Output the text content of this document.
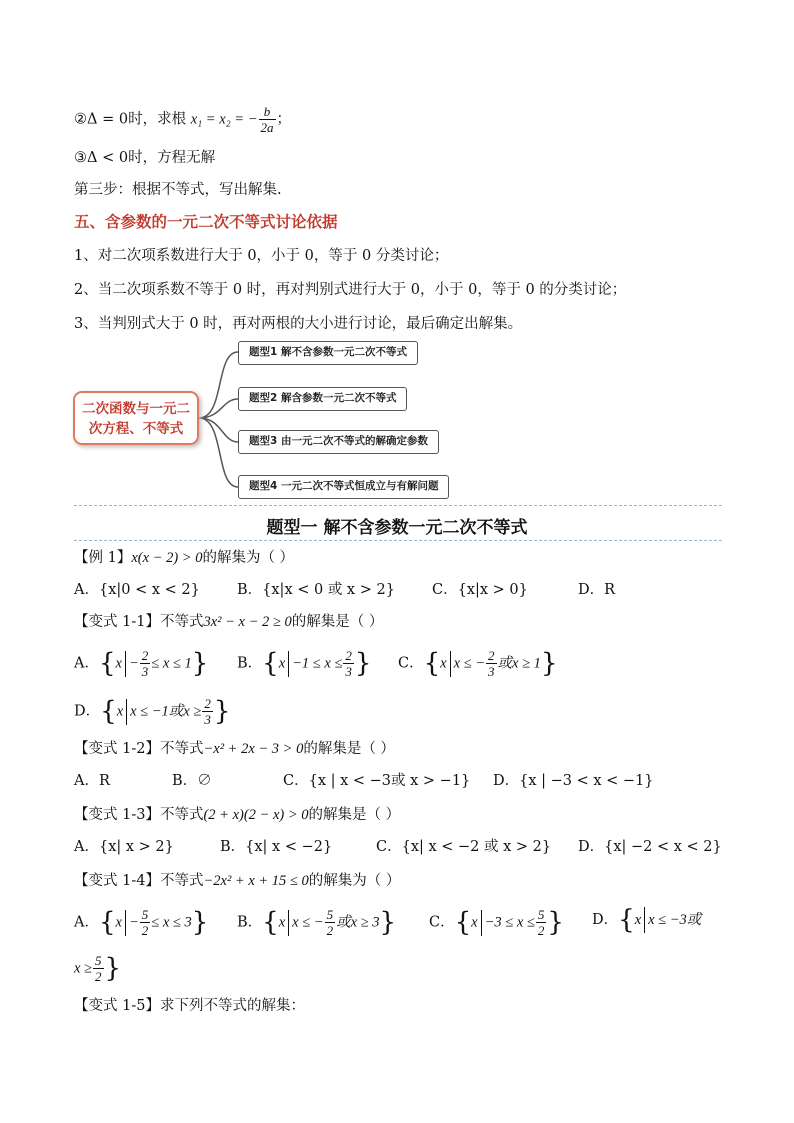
②Δ = 0时，求根 x₁ = x₂ = − $\frac{b}{2a}$ ；
③Δ < 0时，方程无解
第三步：根据不等式，写出解集.
五、含参数的一元二次不等式讨论依据
1、对二次项系数进行大于 0，小于 0，等于 0 分类讨论；
2、当二次项系数不等于 0 时，再对判别式进行大于 0，小于 0，等于 0 的分类讨论；
3、当判别式大于 0 时，再对两根的大小进行讨论，最后确定出解集。
二次函数与一元二
次方程、不等式
题型1 解不含参数一元二次不等式
题型2 解含参数一元二次不等式
题型3 由一元二次不等式的解确定参数
题型4 一元二次不等式恒成立与有解问题
题型一 解不含参数一元二次不等式
【例 1】x(x − 2) > 0的解集为（ ）
A．{x|0 < x < 2}	B．{x|x < 0 或 x > 2}	C．{x|x > 0}	D．R
【变式 1-1】不等式3x² − x − 2 ≥ 0的解集是（ ）
A．$\{x - \frac{2}{3} \le x \le 1\}$ B．{$x -1 \le x \le \frac{2}{3}$ } C．{x x ≤ − $\frac{2}{3}$ 或x ≥ 1}
D．{x x ≤ −1或$x \ge \frac{2}{3}$ }
【变式 1-2】不等式−x² + 2x − 3 > 0的解集是（ ）
A．R	B．∅	C．{x | x < −3或 x > −1} D．{x | −3 < x < −1}
【变式 1-3】不等式(2 + x)(2 − x) > 0的解集是（ ）
A．{x| x > 2}	B．{x| x < −2}	C．{x| x < −2 或 x > 2} D．{x| −2 < x < 2}
【变式 1-4】不等式−2x² + x + 15 ≤ 0的解集为（ ）
A．$\{x - \frac{5}{2} \le x \le 3\}$ B．{x x ≤ − $\frac{5}{2}$ 或x ≥ 3} C．{$x -3 \le x \le \frac{5}{2}$ } D．{x x ≤ −3或
$x \ge \frac{5}{2}$ }
【变式 1-5】求下列不等式的解集：
